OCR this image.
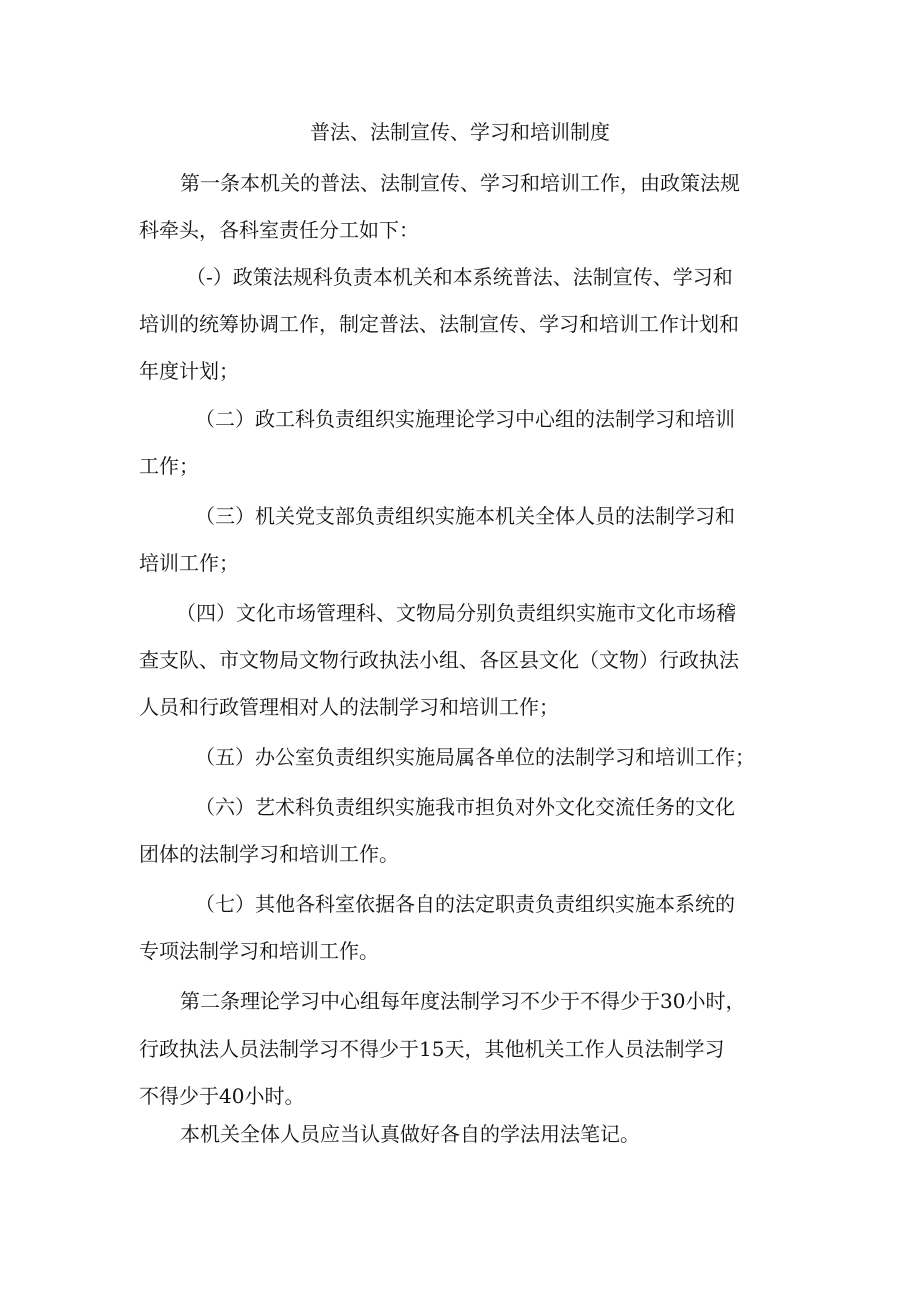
普法、法制宣传、学习和培训制度
第一条本机关的普法、法制宣传、学习和培训工作，由政策法规
科牵头，各科室责任分工如下：
（-）政策法规科负责本机关和本系统普法、法制宣传、学习和
培训的统筹协调工作，制定普法、法制宣传、学习和培训工作计划和
年度计划；
（二）政工科负责组织实施理论学习中心组的法制学习和培训
工作；
（三）机关党支部负责组织实施本机关全体人员的法制学习和
培训工作；
（四）文化市场管理科、文物局分别负责组织实施市文化市场稽
查支队、市文物局文物行政执法小组、各区县文化（文物）行政执法
人员和行政管理相对人的法制学习和培训工作；
（五）办公室负责组织实施局属各单位的法制学习和培训工作；
（六）艺术科负责组织实施我市担负对外文化交流任务的文化
团体的法制学习和培训工作。
（七）其他各科室依据各自的法定职责负责组织实施本系统的
专项法制学习和培训工作。
第二条理论学习中心组每年度法制学习不少于不得少于30小时，
行政执法人员法制学习不得少于15天，其他机关工作人员法制学习
不得少于40小时。
本机关全体人员应当认真做好各自的学法用法笔记。
